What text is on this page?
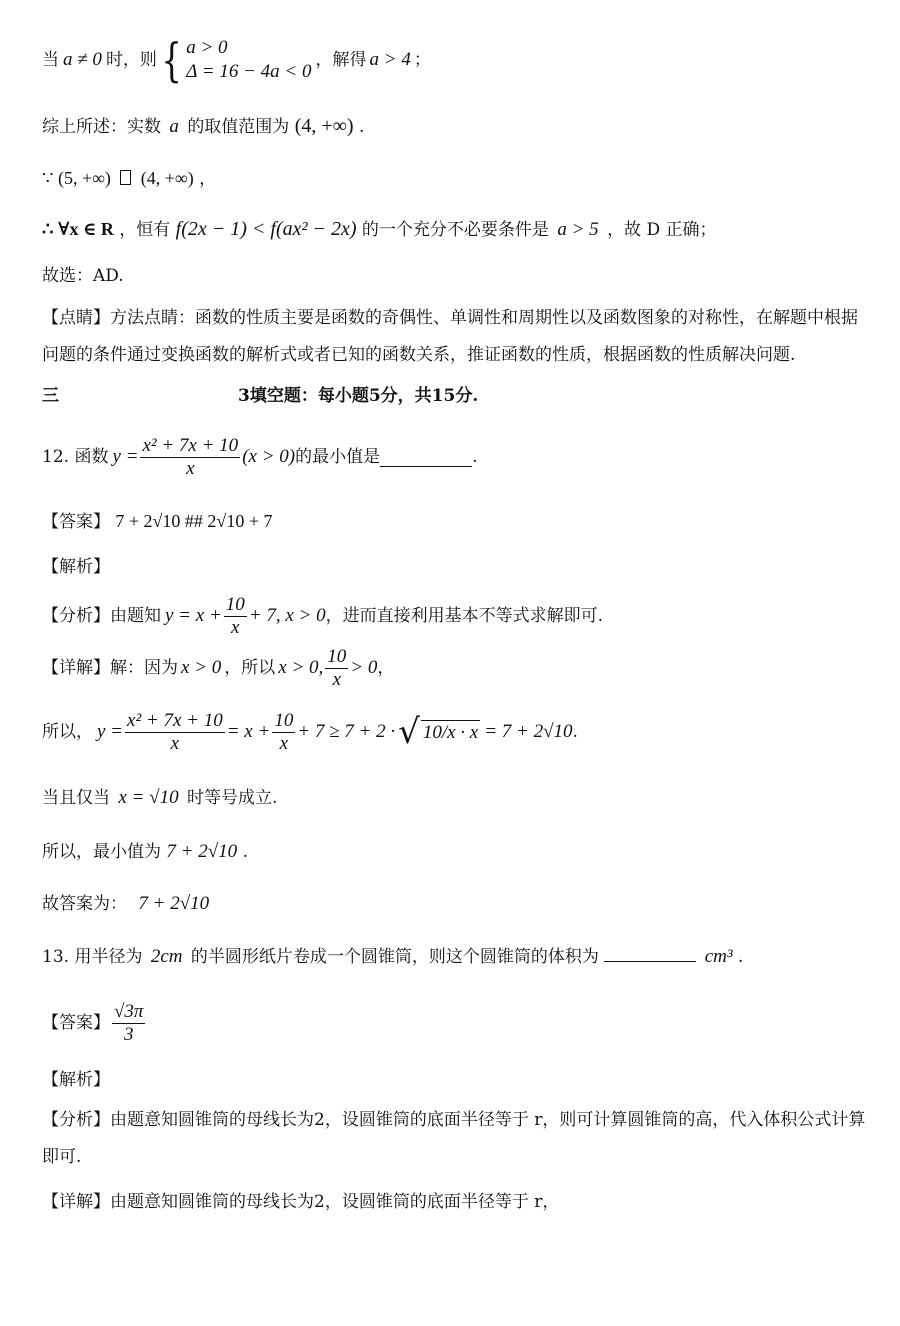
当 a ≠ 0 时，则 { a > 0
Δ = 16 − 4a < 0
，解得 a > 4 ；
综上所述：实数 a 的取值范围为 (4, +∞) .
∵ (5, +∞) (4, +∞) ，
∴ ∀x ∈ R ，恒有 f(2x − 1) < f(ax² − 2x) 的一个充分不必要条件是 a > 5 ，故 D 正确；
故选：AD.
【点睛】方法点睛：函数的性质主要是函数的奇偶性、单调性和周期性以及函数图象的对称性，在解题中根据问题的条件通过变换函数的解析式或者已知的函数关系，推证函数的性质，根据函数的性质解决问题.
三	3填空题：每小题5分，共15分.
12. 函数 $y = \frac{\text{x² + 7x + 10}}{x} (x > 0)$ 的最小值是	.
【答案】 7 + 2√10 ## 2√10 + 7
【解析】
【分析】由题知 $y = x + \frac{10}{x} + 7$, x > 0 ，进而直接利用基本不等式求解即可.
【详解】解：因为 x > 0 ，所以 x > 0, $\frac{10}{x} > 0$ ，
所以， $y = \frac{\text{x² + 7x + 10}}{x} = x + \frac{10}{x} + 7 \ge 7 + 2$ · √ 10/x · x = 7 + 2√10 .
当且仅当 x = √10 时等号成立.
所以，最小值为 7 + 2√10 .
故答案为： 7 + 2√10
13. 用半径为 2cm 的半圆形纸片卷成一个圆锥筒，则这个圆锥筒的体积为	cm³ .
【答案】 $\frac{√3\pi}{3}$
【解析】
【分析】由题意知圆锥筒的母线长为2，设圆锥筒的底面半径等于 r，则可计算圆锥筒的高，代入体积公式计算即可.
【详解】由题意知圆锥筒的母线长为2，设圆锥筒的底面半径等于 r，
